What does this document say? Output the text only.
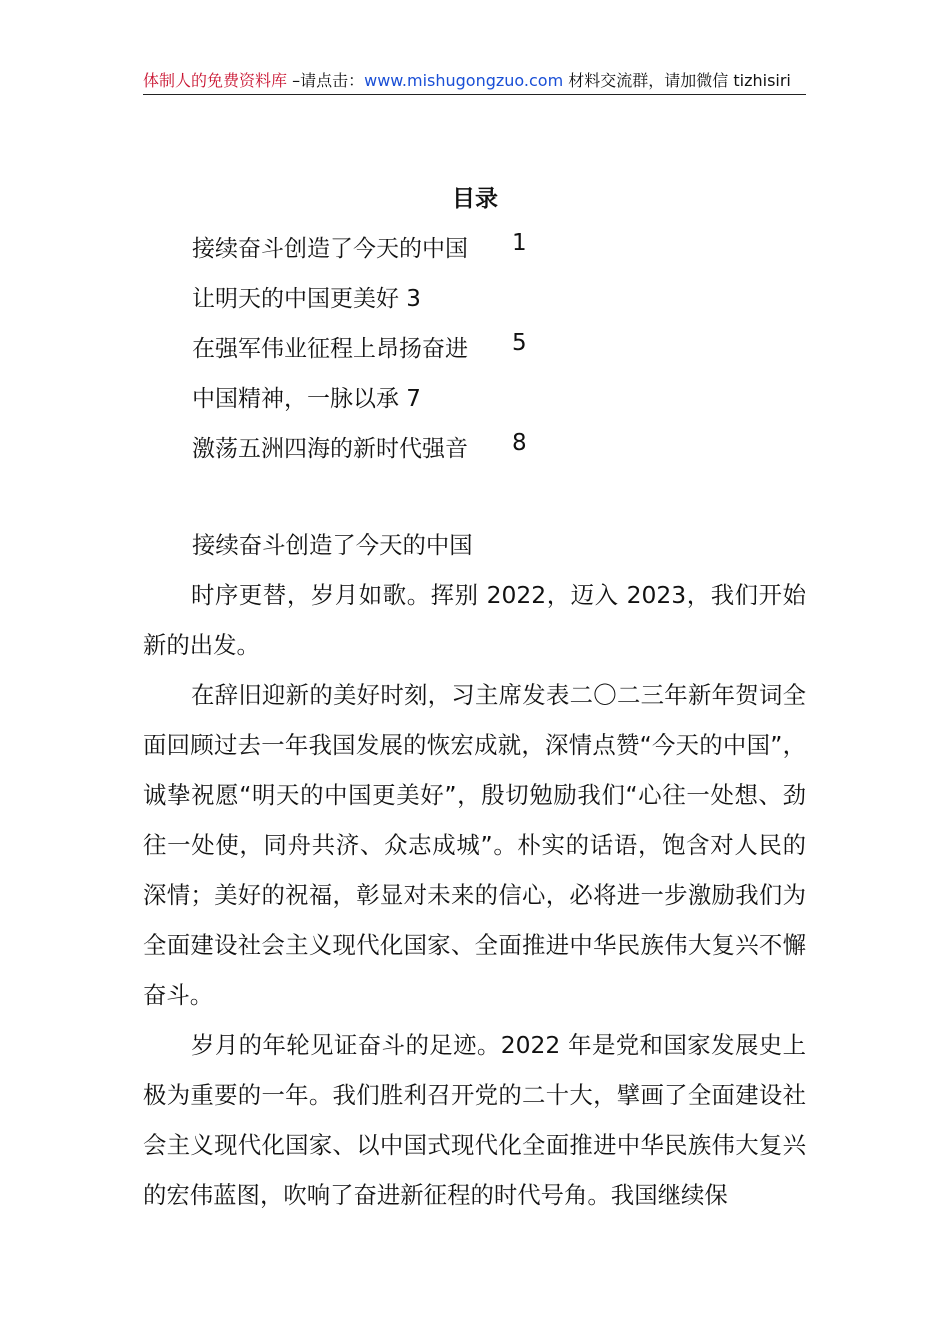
体制人的免费资料库 –请点击：www.mishugongzuo.com 材料交流群，请加微信 tizhisiri
目录
接续奋斗创造了今天的中国 1
让明天的中国更美好 3
在强军伟业征程上昂扬奋进 5
中国精神，一脉以承 7
激荡五洲四海的新时代强音 8

接续奋斗创造了今天的中国

时序更替，岁月如歌。挥别 2022，迈入 2023，我们开始新的出发。

在辞旧迎新的美好时刻，习主席发表二〇二三年新年贺词全面回顾过去一年我国发展的恢宏成就，深情点赞“今天的中国”，诚挚祝愿“明天的中国更美好”，殷切勉励我们“心往一处想、劲往一处使，同舟共济、众志成城”。朴实的话语，饱含对人民的深情；美好的祝福，彰显对未来的信心，必将进一步激励我们为全面建设社会主义现代化国家、全面推进中华民族伟大复兴不懈奋斗。

岁月的年轮见证奋斗的足迹。2022 年是党和国家发展史上极为重要的一年。我们胜利召开党的二十大，擘画了全面建设社会主义现代化国家、以中国式现代化全面推进中华民族伟大复兴的宏伟蓝图，吹响了奋进新征程的时代号角。我国继续保
